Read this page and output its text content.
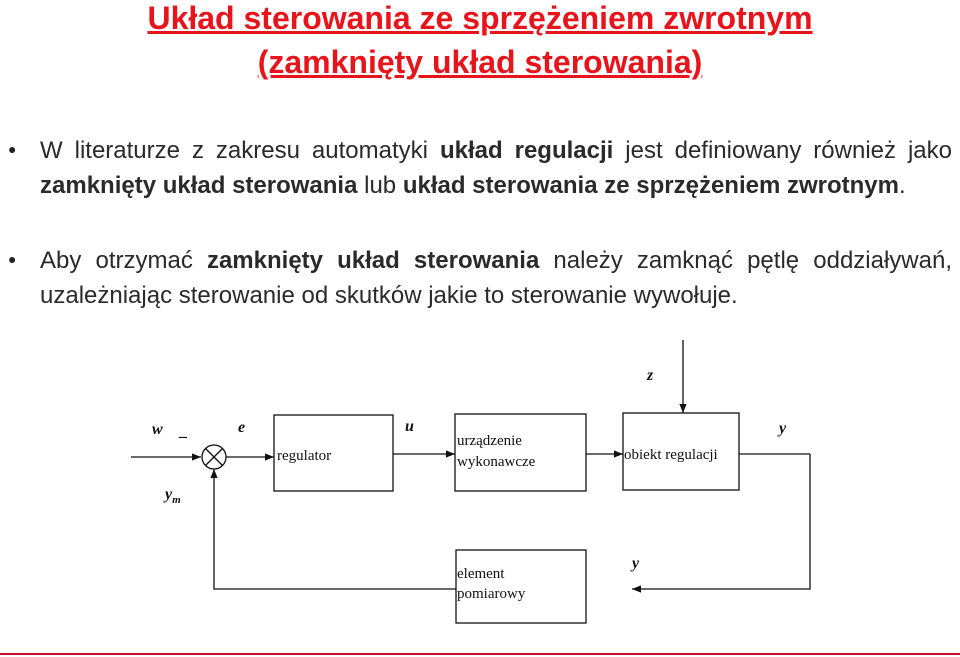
Układ sterowania ze sprzężeniem zwrotnym
(zamknięty układ sterowania)
● W literaturze z zakresu automatyki układ regulacji jest definiowany również jako zamknięty układ sterowania lub układ sterowania ze sprzężeniem zwrotnym.
● Aby otrzymać zamknięty układ sterowania należy zamknąć pętlę oddziaływań, uzależniając sterowanie od skutków jakie to sterowanie wywołuje.
w _	e	u
z
y
y
$y_m$
regulator
urządzenie
wykonawcze	obiekt regulacji
element
pomiarowy
